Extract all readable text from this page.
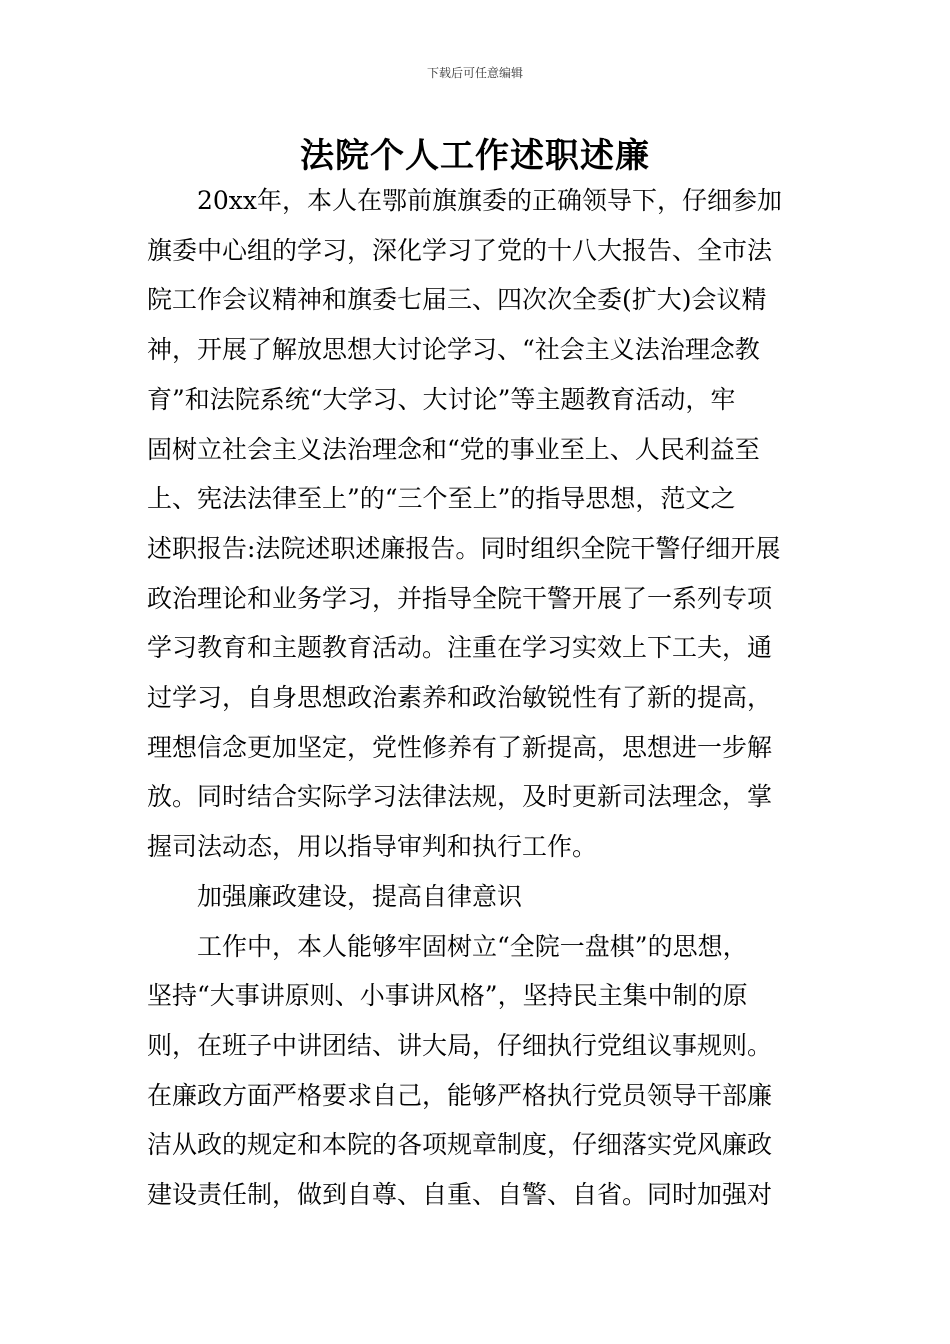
下载后可任意编辑
法院个人工作述职述廉
20xx年，本人在鄂前旗旗委的正确领导下，仔细参加
旗委中心组的学习，深化学习了党的十八大报告、全市法
院工作会议精神和旗委七届三、四次次全委(扩大)会议精
神，开展了解放思想大讨论学习、“社会主义法治理念教
育”和法院系统“大学习、大讨论”等主题教育活动，牢
固树立社会主义法治理念和“党的事业至上、人民利益至
上、宪法法律至上”的“三个至上”的指导思想，范文之
述职报告:法院述职述廉报告。同时组织全院干警仔细开展
政治理论和业务学习，并指导全院干警开展了一系列专项
学习教育和主题教育活动。注重在学习实效上下工夫，通
过学习，自身思想政治素养和政治敏锐性有了新的提高，
理想信念更加坚定，党性修养有了新提高，思想进一步解
放。同时结合实际学习法律法规，及时更新司法理念，掌
握司法动态，用以指导审判和执行工作。
加强廉政建设，提高自律意识
工作中，本人能够牢固树立“全院一盘棋”的思想，
坚持“大事讲原则、小事讲风格”，坚持民主集中制的原
则，在班子中讲团结、讲大局，仔细执行党组议事规则。
在廉政方面严格要求自己，能够严格执行党员领导干部廉
洁从政的规定和本院的各项规章制度，仔细落实党风廉政
建设责任制，做到自尊、自重、自警、自省。同时加强对
